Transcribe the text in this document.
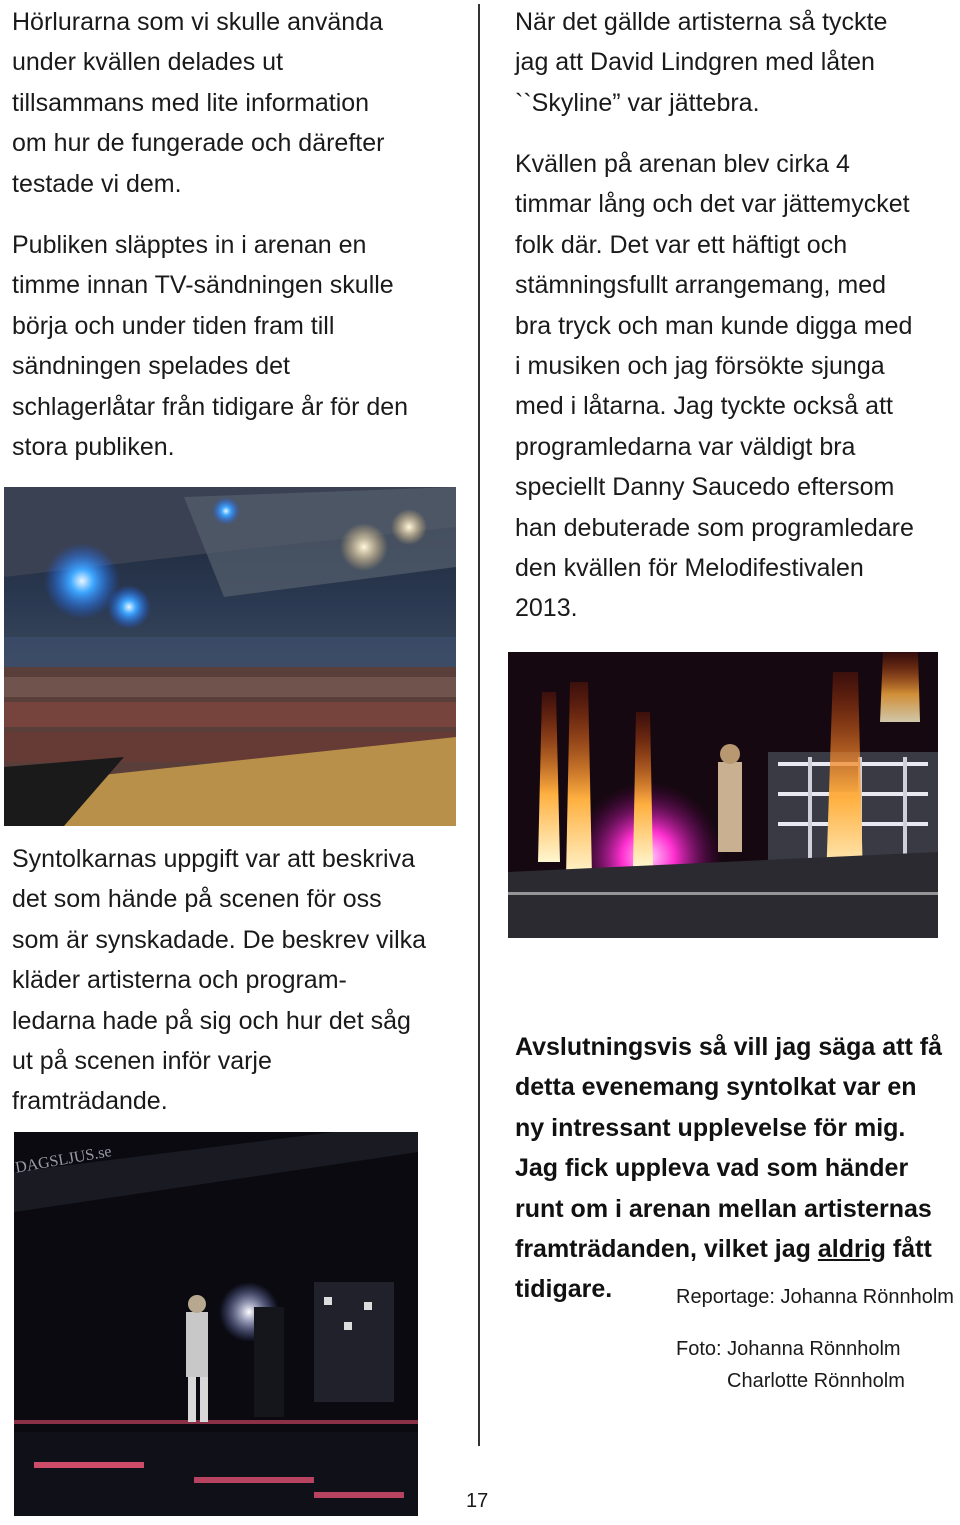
Hörlurarna som vi skulle använda
under kvällen delades ut
tillsammans med lite information
om hur de fungerade och därefter
testade vi dem.

Publiken släpptes in i arenan en
timme innan TV-sändningen skulle
börja och under tiden fram till
sändningen spelades det
schlagerlåtar från tidigare år för den
stora publiken.

Syntolkarnas uppgift var att beskriva
det som hände på scenen för oss
som är synskadade. De beskrev vilka
kläder artisterna och program-
ledarna hade på sig och hur det såg
ut på scenen inför varje
framträdande.

När det gällde artisterna så tyckte
jag att David Lindgren med låten
``Skyline” var jättebra.

Kvällen på arenan blev cirka 4
timmar lång och det var jättemycket
folk där. Det var ett häftigt och
stämningsfullt arrangemang, med
bra tryck och man kunde digga med
i musiken och jag försökte sjunga
med i låtarna. Jag tyckte också att
programledarna var väldigt bra
speciellt Danny Saucedo eftersom
han debuterade som programledare
den kvällen för Melodifestivalen
2013.

Avslutningsvis så vill jag säga att få
detta evenemang syntolkat var en
ny intressant upplevelse för mig.
Jag fick uppleva vad som händer
runt om i arenan mellan artisternas
framträdanden, vilket jag aldrig fått
tidigare.

DAGSLJUS.se
Reportage: Johanna Rönnholm
Foto: Johanna Rönnholm
Charlotte Rönnholm
17
